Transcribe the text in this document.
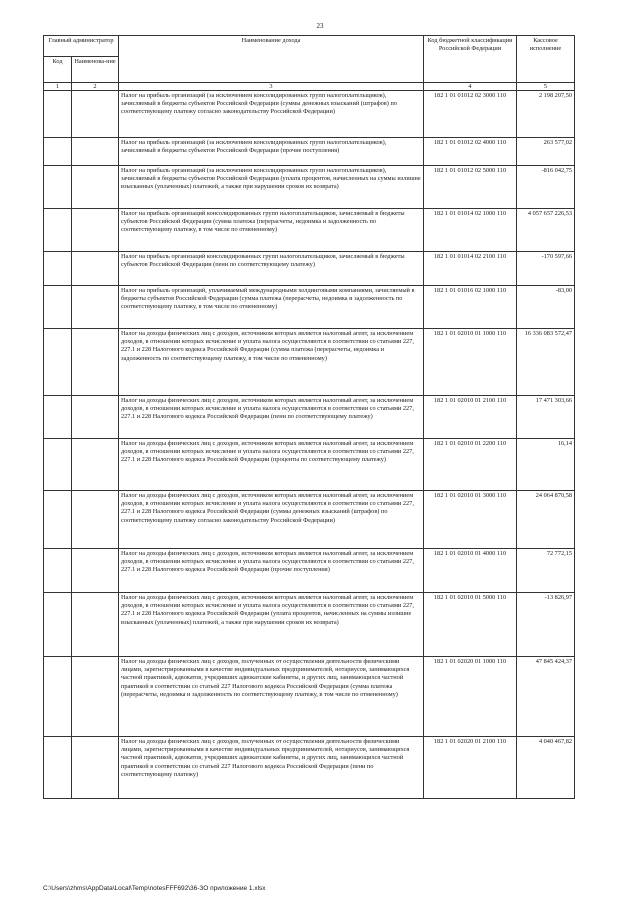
23
Главный администратор		Наименование дохода	Код бюджетной классификации Российской Федерации	Кассовое исполнение
Код	Наименова-ние			
1	2	3	4	5
		Налог на прибыль организаций (за исключением консолидированных групп налогоплательщиков), зачисляемый в бюджеты субъектов Российской Федерации (суммы денежных взысканий (штрафов) по соответствующему платежу согласно законодательству Российской Федерации)	182 1 01 01012 02 3000 110	2 198 207,50
		Налог на прибыль организаций (за исключением консолидированных групп налогоплательщиков), зачисляемый в бюджеты субъектов Российской Федерации (прочие поступления)	182 1 01 01012 02 4000 110	263 577,02
		Налог на прибыль организаций (за исключением консолидированных групп налогоплательщиков), зачисляемый в бюджеты субъектов Российской Федерации (уплата процентов, начисленных на суммы излишне взысканных (уплаченных) платежей, а также при нарушении сроков их возврата)	182 1 01 01012 02 5000 110	-816 042,75
		Налог на прибыль организаций консолидированных групп налогоплательщиков, зачисляемый в бюджеты субъектов Российской Федерации (сумма платежа (перерасчеты, недоимка и задолженность по соответствующему платежу, в том числе по отмененному)	182 1 01 01014 02 1000 110	4 057 657 226,53
		Налог на прибыль организаций консолидированных групп налогоплательщиков, зачисляемый в бюджеты субъектов Российской Федерации (пени по соответствующему платежу)	182 1 01 01014 02 2100 110	-170 597,66
		Налог на прибыль организаций, уплачиваемый международными холдинговыми компаниями, зачисляемый в бюджеты субъектов Российской Федерации (сумма платежа (перерасчеты, недоимка и задолженность по соответствующему платежу, в том числе по отмененному)	182 1 01 01016 02 1000 110	-83,00
		Налог на доходы физических лиц с доходов, источником которых является налоговый агент, за исключением доходов, в отношении которых исчисление и уплата налога осуществляются в соответствии со статьями 227, 227.1 и 228 Налогового кодекса Российской Федерации (сумма платежа (перерасчеты, недоимка и задолженность по соответствующему платежу, в том числе по отмененному)	182 1 01 02010 01 1000 110	16 336 083 572,47
		Налог на доходы физических лиц с доходов, источником которых является налоговый агент, за исключением доходов, в отношении которых исчисление и уплата налога осуществляются в соответствии со статьями 227, 227.1 и 228 Налогового кодекса Российской Федерации (пени по соответствующему платежу)	182 1 01 02010 01 2100 110	17 471 303,66
		Налог на доходы физических лиц с доходов, источником которых является налоговый агент, за исключением доходов, в отношении которых исчисление и уплата налога осуществляются в соответствии со статьями 227, 227.1 и 228 Налогового кодекса Российской Федерации (проценты по соответствующему платежу)	182 1 01 02010 01 2200 110	16,14
		Налог на доходы физических лиц с доходов, источником которых является налоговый агент, за исключением доходов, в отношении которых исчисление и уплата налога осуществляются в соответствии со статьями 227, 227.1 и 228 Налогового кодекса Российской Федерации (суммы денежных взысканий (штрафов) по соответствующему платежу согласно законодательству Российской Федерации)	182 1 01 02010 01 3000 110	24 064 870,58
		Налог на доходы физических лиц с доходов, источником которых является налоговый агент, за исключением доходов, в отношении которых исчисление и уплата налога осуществляются в соответствии со статьями 227, 227.1 и 228 Налогового кодекса Российской Федерации (прочие поступления)	182 1 01 02010 01 4000 110	72 772,15
		Налог на доходы физических лиц с доходов, источником которых является налоговый агент, за исключением доходов, в отношении которых исчисление и уплата налога осуществляются в соответствии со статьями 227, 227.1 и 228 Налогового кодекса Российской Федерации (уплата процентов, начисленных на суммы излишне взысканных (уплаченных) платежей, а также при нарушении сроков их возврата)	182 1 01 02010 01 5000 110	-13 826,97
		Налог на доходы физических лиц с доходов, полученных от осуществления деятельности физическими лицами, зарегистрированными в качестве индивидуальных предпринимателей, нотариусов, занимающихся частной практикой, адвокатов, учредивших адвокатские кабинеты, и других лиц, занимающихся частной практикой в соответствии со статьей 227 Налогового кодекса Российской Федерации (сумма платежа (перерасчеты, недоимка и задолженность по соответствующему платежу, в том числе по отмененному)	182 1 01 02020 01 1000 110	47 845 424,37
		Налог на доходы физических лиц с доходов, полученных от осуществления деятельности физическими лицами, зарегистрированными в качестве индивидуальных предпринимателей, нотариусов, занимающихся частной практикой, адвокатов, учредивших адвокатские кабинеты, и других лиц, занимающихся частной практикой в соответствии со статьей 227 Налогового кодекса Российской Федерации (пени по соответствующему платежу)	182 1 01 02020 01 2100 110	4 040 467,82
C:\Users\zhms\AppData\Local\Temp\notesFFF692\36-ЗО приложение 1.xlsx
